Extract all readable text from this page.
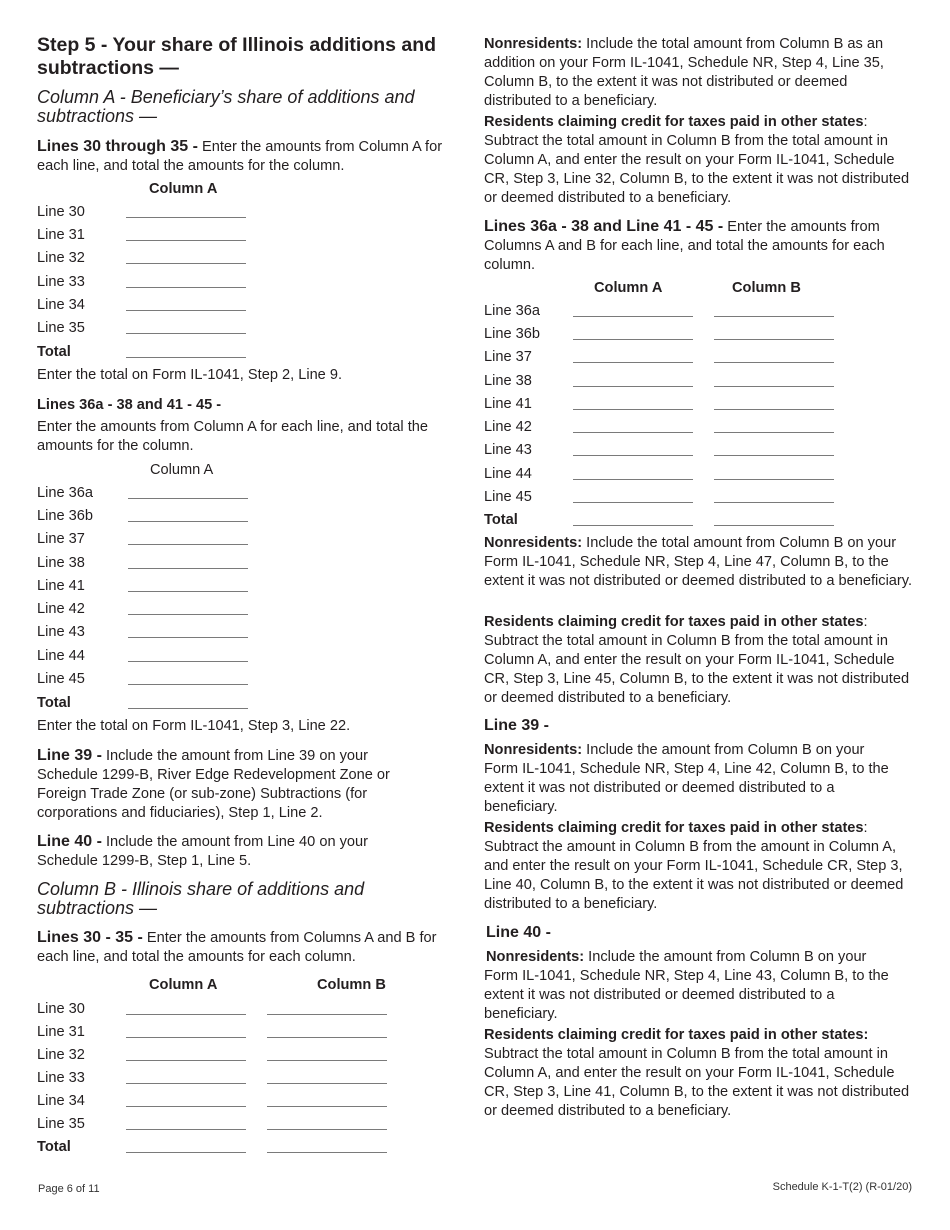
Step 5 - Your share of Illinois additions and subtractions —
Column A - Beneficiary’s share of additions and subtractions —
Lines 30 through 35 - Enter the amounts from Column A for each line, and total the amounts for the column.
Column A
Line 30
Line 31
Line 32
Line 33
Line 34
Line 35
Total
Enter the total on Form IL-1041, Step 2, Line 9.
Lines 36a - 38 and 41 - 45 -
Enter the amounts from Column A for each line, and total the amounts for the column.
Column A
Line 36a
Line 36b
Line 37
Line 38
Line 41
Line 42
Line 43
Line 44
Line 45
Total
Enter the total on Form IL-1041, Step 3, Line 22.
Line 39 - Include the amount from Line 39 on your Schedule 1299-B, River Edge Redevelopment Zone or Foreign Trade Zone (or sub-zone) Subtractions (for corporations and fiduciaries), Step 1, Line 2.
Line 40 - Include the amount from Line 40 on your Schedule 1299-B, Step 1, Line 5.
Column B - Illinois share of additions and subtractions —
Lines 30 - 35 - Enter the amounts from Columns A and B for each line, and total the amounts for each column.
Column A	Column B
Line 30
Line 31
Line 32
Line 33
Line 34
Line 35
Total
Nonresidents: Include the total amount from Column B as an addition on your Form IL-1041, Schedule NR, Step 4, Line 35, Column B, to the extent it was not distributed or deemed distributed to a beneficiary.
Residents claiming credit for taxes paid in other states: Subtract the total amount in Column B from the total amount in Column A, and enter the result on your Form IL-1041, Schedule CR, Step 3, Line 32, Column B, to the extent it was not distributed or deemed distributed to a beneficiary.
Lines 36a - 38 and Line 41 - 45 - Enter the amounts from Columns A and B for each line, and total the amounts for each column.
Column A	Column B
Line 36a
Line 36b
Line 37
Line 38
Line 41
Line 42
Line 43
Line 44
Line 45
Total
Nonresidents: Include the total amount from Column B on your Form IL-1041, Schedule NR, Step 4, Line 47, Column B, to the extent it was not distributed or deemed distributed to a beneficiary.
Residents claiming credit for taxes paid in other states: Subtract the total amount in Column B from the total amount in Column A, and enter the result on your Form IL-1041, Schedule CR, Step 3, Line 45, Column B, to the extent it was not distributed or deemed distributed to a beneficiary.
Line 39 -
Nonresidents: Include the amount from Column B on your Form IL-1041, Schedule NR, Step 4, Line 42, Column B, to the extent it was not distributed or deemed distributed to a beneficiary.
Residents claiming credit for taxes paid in other states: Subtract the amount in Column B from the amount in Column A, and enter the result on your Form IL-1041, Schedule CR, Step 3, Line 40, Column B, to the extent it was not distributed or deemed distributed to a beneficiary.
Line 40 -
Nonresidents: Include the amount from Column B on your Form IL-1041, Schedule NR, Step 4, Line 43, Column B, to the extent it was not distributed or deemed distributed to a beneficiary.
Residents claiming credit for taxes paid in other states: Subtract the total amount in Column B from the total amount in Column A, and enter the result on your Form IL-1041, Schedule CR, Step 3, Line 41, Column B, to the extent it was not distributed or deemed distributed to a beneficiary.
Page 6 of 11	Schedule K-1-T(2) (R-01/20)
